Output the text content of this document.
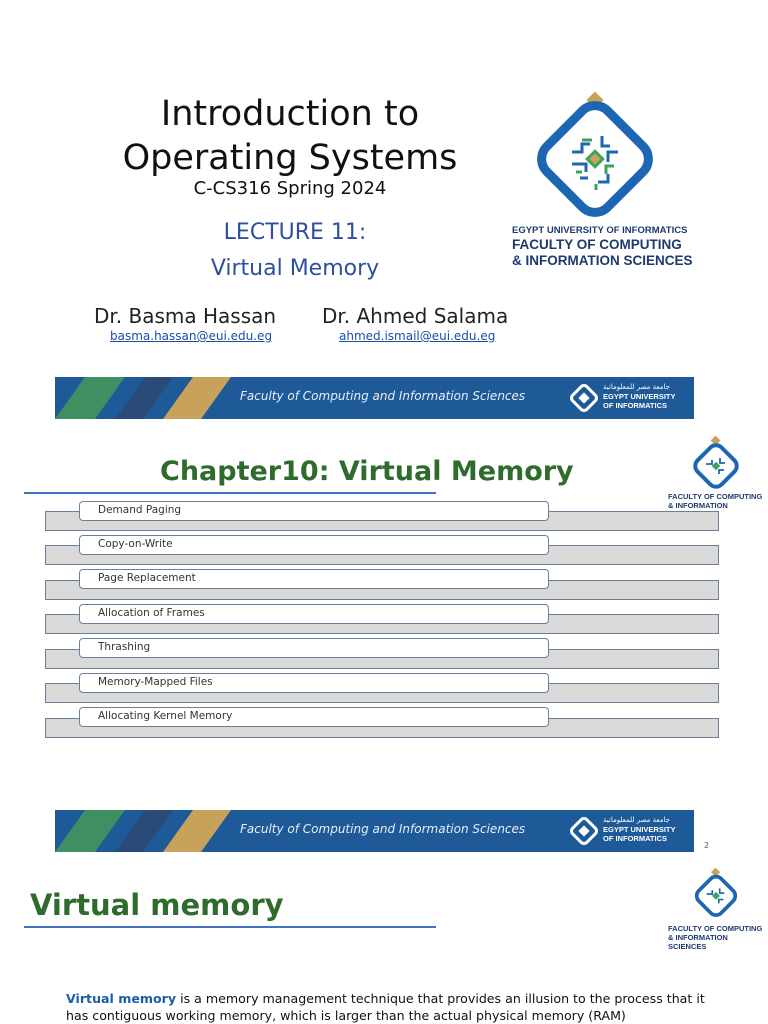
Introduction to
Operating Systems
C-CS316 Spring 2024
LECTURE 11:
Virtual Memory
Dr. Basma Hassan
basma.hassan@eui.edu.eg
Dr. Ahmed Salama
ahmed.ismail@eui.edu.eg
EGYPT UNIVERSITY OF INFORMATICS
FACULTY OF COMPUTING
& INFORMATION SCIENCES
Faculty of Computing and Information Sciences
جامعة مصر للمعلوماتية
EGYPT UNIVERSITY
OF INFORMATICS
Chapter10: Virtual Memory
FACULTY OF COMPUTING
& INFORMATION
Demand Paging
Copy-on-Write
Page Replacement
Allocation of Frames
Thrashing
Memory-Mapped Files
Allocating Kernel Memory
Faculty of Computing and Information Sciences
جامعة مصر للمعلوماتية
EGYPT UNIVERSITY
OF INFORMATICS
2
Virtual memory
FACULTY OF COMPUTING
& INFORMATION SCIENCES
Virtual memory is a memory management technique that provides an illusion to the process that it has contiguous working memory, which is larger than the actual physical memory (RAM)
